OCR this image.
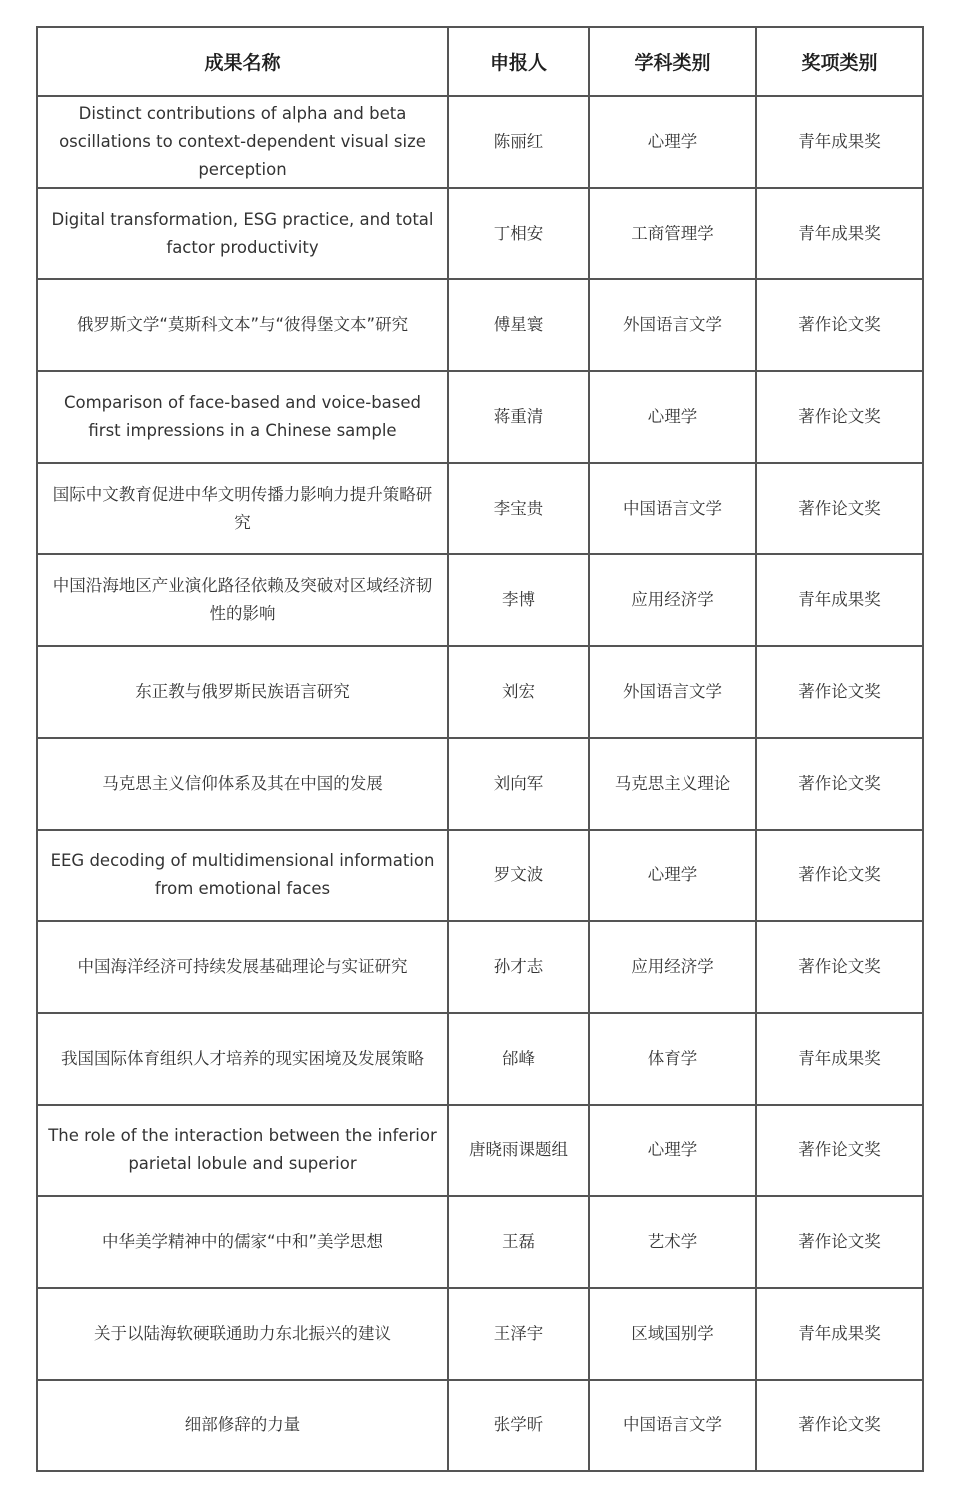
成果名称	申报人	学科类别	奖项类别
Distinct contributions of alpha and beta oscillations to context-dependent visual size perception	陈丽红	心理学	青年成果奖
Digital transformation, ESG practice, and total factor productivity	丁相安	工商管理学	青年成果奖
俄罗斯文学“莫斯科文本”与“彼得堡文本”研究	傅星寰	外国语言文学	著作论文奖
Comparison of face-based and voice-based first impressions in a Chinese sample	蒋重清	心理学	著作论文奖
国际中文教育促进中华文明传播力影响力提升策略研究	李宝贵	中国语言文学	著作论文奖
中国沿海地区产业演化路径依赖及突破对区域经济韧性的影响	李博	应用经济学	青年成果奖
东正教与俄罗斯民族语言研究	刘宏	外国语言文学	著作论文奖
马克思主义信仰体系及其在中国的发展	刘向军	马克思主义理论	著作论文奖
EEG decoding of multidimensional information from emotional faces	罗文波	心理学	著作论文奖
中国海洋经济可持续发展基础理论与实证研究	孙才志	应用经济学	著作论文奖
我国国际体育组织人才培养的现实困境及发展策略	邰峰	体育学	青年成果奖
The role of the interaction between the inferior parietal lobule and superior	唐晓雨课题组	心理学	著作论文奖
中华美学精神中的儒家“中和”美学思想	王磊	艺术学	著作论文奖
关于以陆海软硬联通助力东北振兴的建议	王泽宇	区域国别学	青年成果奖
细部修辞的力量	张学昕	中国语言文学	著作论文奖
